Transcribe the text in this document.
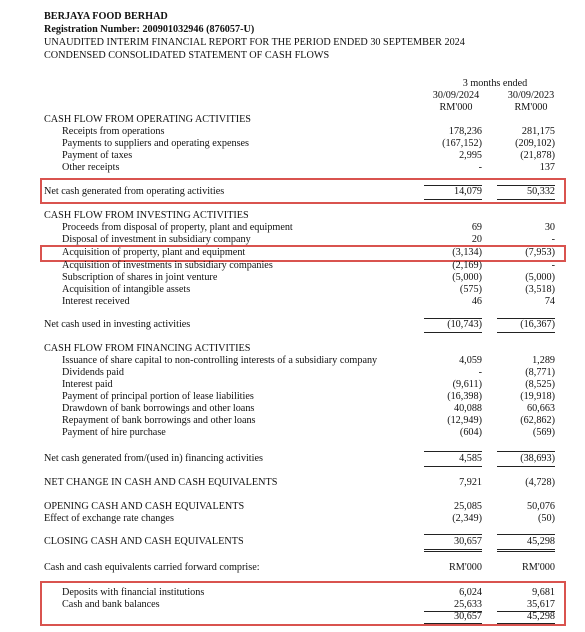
BERJAYA FOOD BERHAD
Registration Number: 200901032946 (876057-U)
UNAUDITED INTERIM FINANCIAL REPORT FOR THE PERIOD ENDED 30 SEPTEMBER 2024
CONDENSED CONSOLIDATED STATEMENT OF CASH FLOWS
3 months ended
30/09/2024	30/09/2023
RM'000	RM'000
CASH FLOW FROM OPERATING ACTIVITIES
Receipts from operations	178,236	281,175
Payments to suppliers and operating expenses	(167,152)	(209,102)
Payment of taxes	2,995	(21,878)
Other receipts	-	137
Net cash generated from operating activities	14,079	50,332
CASH FLOW FROM INVESTING ACTIVITIES
Proceeds from disposal of property, plant and equipment	69	30
Disposal of investment in subsidiary company	20	-
Acquisition of property, plant and equipment	(3,134)	(7,953)
Acquisition of investments in subsidiary companies	(2,169)	-
Subscription of shares in joint venture	(5,000)	(5,000)
Acquisition of intangible assets	(575)	(3,518)
Interest received	46	74
Net cash used in investing activities	(10,743)	(16,367)
CASH FLOW FROM FINANCING ACTIVITIES
Issuance of share capital to non-controlling interests of a subsidiary company	4,059	1,289
Dividends paid	-	(8,771)
Interest paid	(9,611)	(8,525)
Payment of principal portion of lease liabilities	(16,398)	(19,918)
Drawdown of bank borrowings and other loans	40,088	60,663
Repayment of bank borrowings and other loans	(12,949)	(62,862)
Payment of hire purchase	(604)	(569)
Net cash generated from/(used in) financing activities	4,585	(38,693)
NET CHANGE IN CASH AND CASH EQUIVALENTS	7,921	(4,728)
OPENING CASH AND CASH EQUIVALENTS	25,085	50,076
Effect of exchange rate changes	(2,349)	(50)
CLOSING CASH AND CASH EQUIVALENTS	30,657	45,298
Cash and cash equivalents carried forward comprise:	RM'000	RM'000
Deposits with financial institutions	6,024	9,681
Cash and bank balances	25,633	35,617
30,657	45,298
